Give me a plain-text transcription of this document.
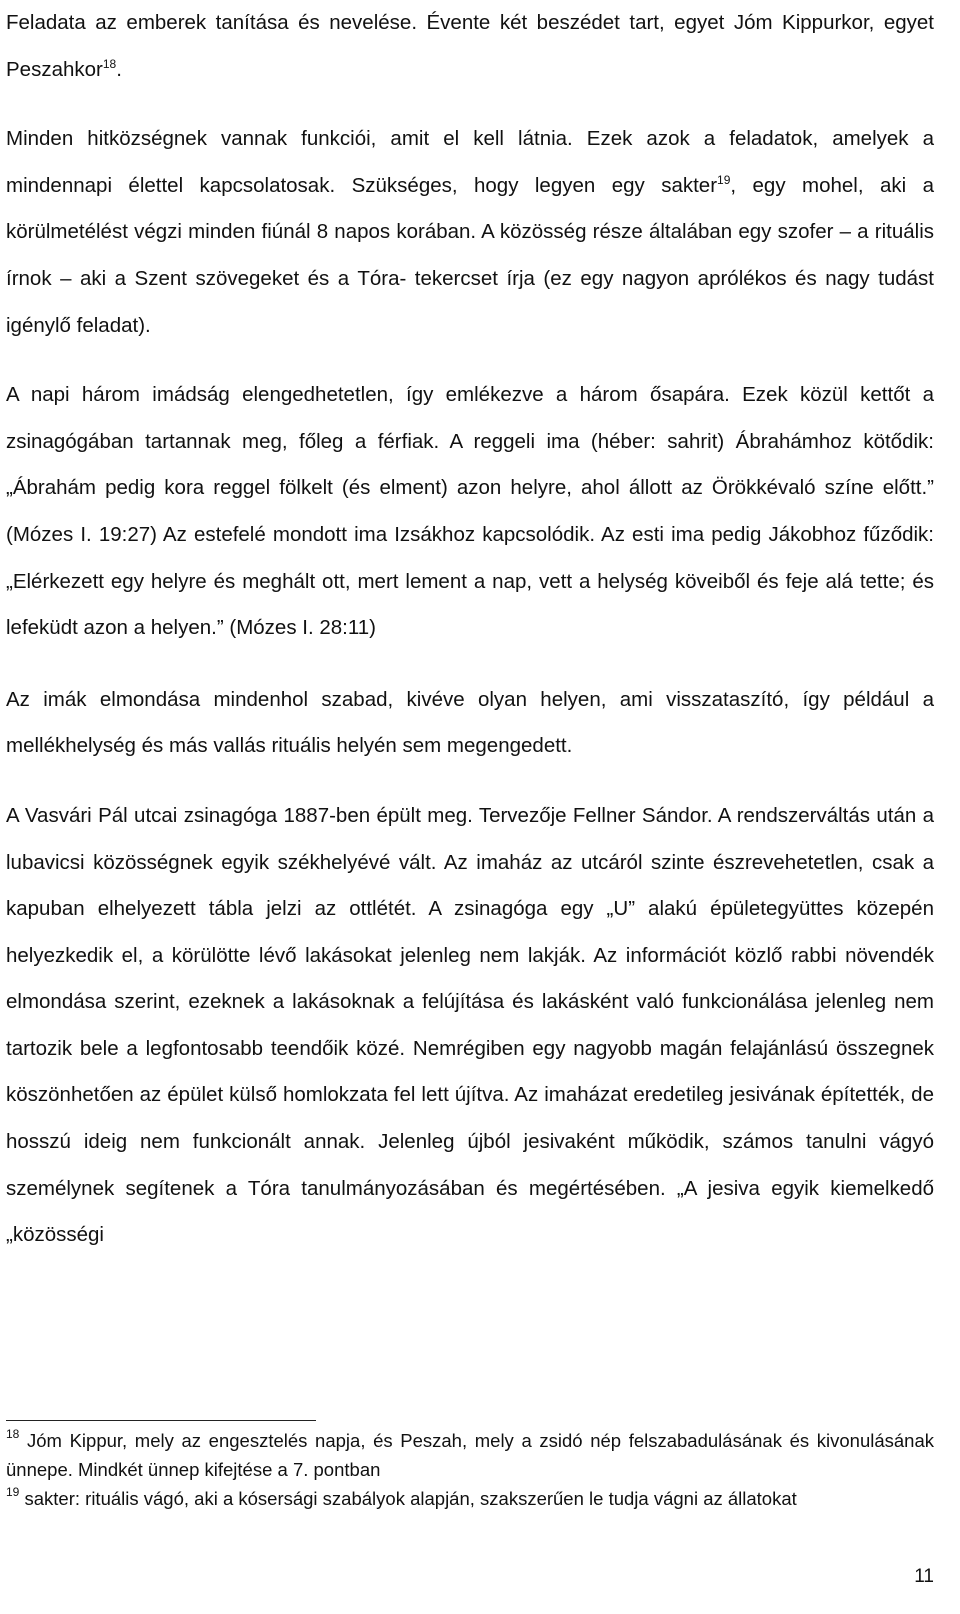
Feladata az emberek tanítása és nevelése. Évente két beszédet tart, egyet Jóm Kippurkor, egyet Peszahkor$^{18}$.

Minden hitközségnek vannak funkciói, amit el kell látnia. Ezek azok a feladatok, amelyek a mindennapi élettel kapcsolatosak. Szükséges, hogy legyen egy sakter$^{19}$, egy mohel, aki a körülmetélést végzi minden fiúnál 8 napos korában. A közösség része általában egy szofer – a rituális írnok – aki a Szent szövegeket és a Tóra- tekercset írja (ez egy nagyon aprólékos és nagy tudást igénylő feladat).

A napi három imádság elengedhetetlen, így emlékezve a három ősapára. Ezek közül kettőt a zsinagógában tartannak meg, főleg a férfiak. A reggeli ima (héber: sahrit) Ábrahámhoz kötődik: „Ábrahám pedig kora reggel fölkelt (és elment) azon helyre, ahol állott az Örökkévaló színe előtt.” (Mózes I. 19:27) Az estefelé mondott ima Izsákhoz kapcsolódik. Az esti ima pedig Jákobhoz fűződik: „Elérkezett egy helyre és meghált ott, mert lement a nap, vett a helység köveiből és feje alá tette; és lefeküdt azon a helyen.” (Mózes I. 28:11)

Az imák elmondása mindenhol szabad, kivéve olyan helyen, ami visszataszító, így például a mellékhelység és más vallás rituális helyén sem megengedett.

A Vasvári Pál utcai zsinagóga 1887-ben épült meg. Tervezője Fellner Sándor. A rendszerváltás után a lubavicsi közösségnek egyik székhelyévé vált. Az imaház az utcáról szinte észrevehetetlen, csak a kapuban elhelyezett tábla jelzi az ottlétét. A zsinagóga egy „U” alakú épületegyüttes közepén helyezkedik el, a körülötte lévő lakásokat jelenleg nem lakják. Az információt közlő rabbi növendék elmondása szerint, ezeknek a lakásoknak a felújítása és lakásként való funkcionálása jelenleg nem tartozik bele a legfontosabb teendőik közé. Nemrégiben egy nagyobb magán felajánlású összegnek köszönhetően az épület külső homlokzata fel lett újítva. Az imaházat eredetileg jesivának építették, de hosszú ideig nem funkcionált annak. Jelenleg újból jesivaként működik, számos tanulni vágyó személynek segítenek a Tóra tanulmányozásában és megértésében. „A jesiva egyik kiemelkedő „közösségi

$^{18}$ Jóm Kippur, mely az engesztelés napja, és Peszah, mely a zsidó nép felszabadulásának és kivonulásának ünnepe. Mindkét ünnep kifejtése a 7. pontban

$^{19}$ sakter: rituális vágó, aki a kósersági szabályok alapján, szakszerűen le tudja vágni az állatokat

11
